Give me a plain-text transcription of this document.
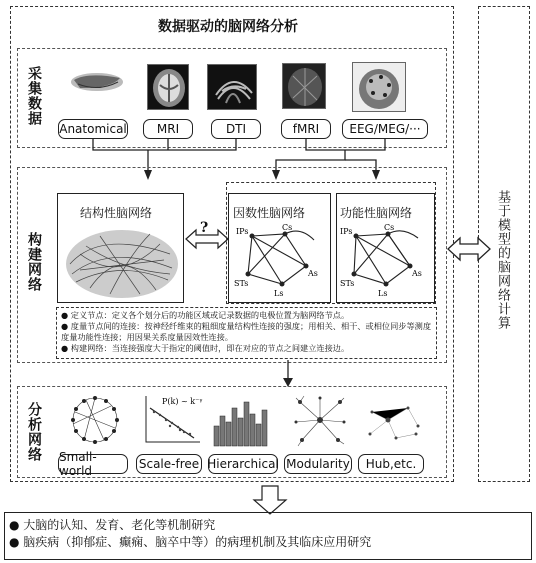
数据驱动的脑网络分析
基于模型的脑网络计算
采集数据
Anatomical	MRI	DTI	fMRI	EEG/MEG/···
构建网络
结构性脑网络
?
因数性脑网络	功能性脑网络
IPs	Cs
As
STs
Ls
IPs	Cs
As
STs
Ls
● 定义节点：定义各个划分后的功能区域或记录数据的电极位置为脑网络节点。
● 度量节点间的连接：按神经纤维束的粗细度量结构性连接的强度；用相关、相干、或相位同步等测度度量功能性连接；用因果关系度量因效性连接。
● 构建网络：当连接强度大于指定的阈值时，即在对应的节点之间建立连接边。
分析网络
P(k) ~ k⁻ᵞ
Small-world	Scale-free Hierarchical Modularity	Hub,etc.
● 大脑的认知、发育、老化等机制研究
● 脑疾病（抑郁症、癫痫、脑卒中等）的病理机制及其临床应用研究
